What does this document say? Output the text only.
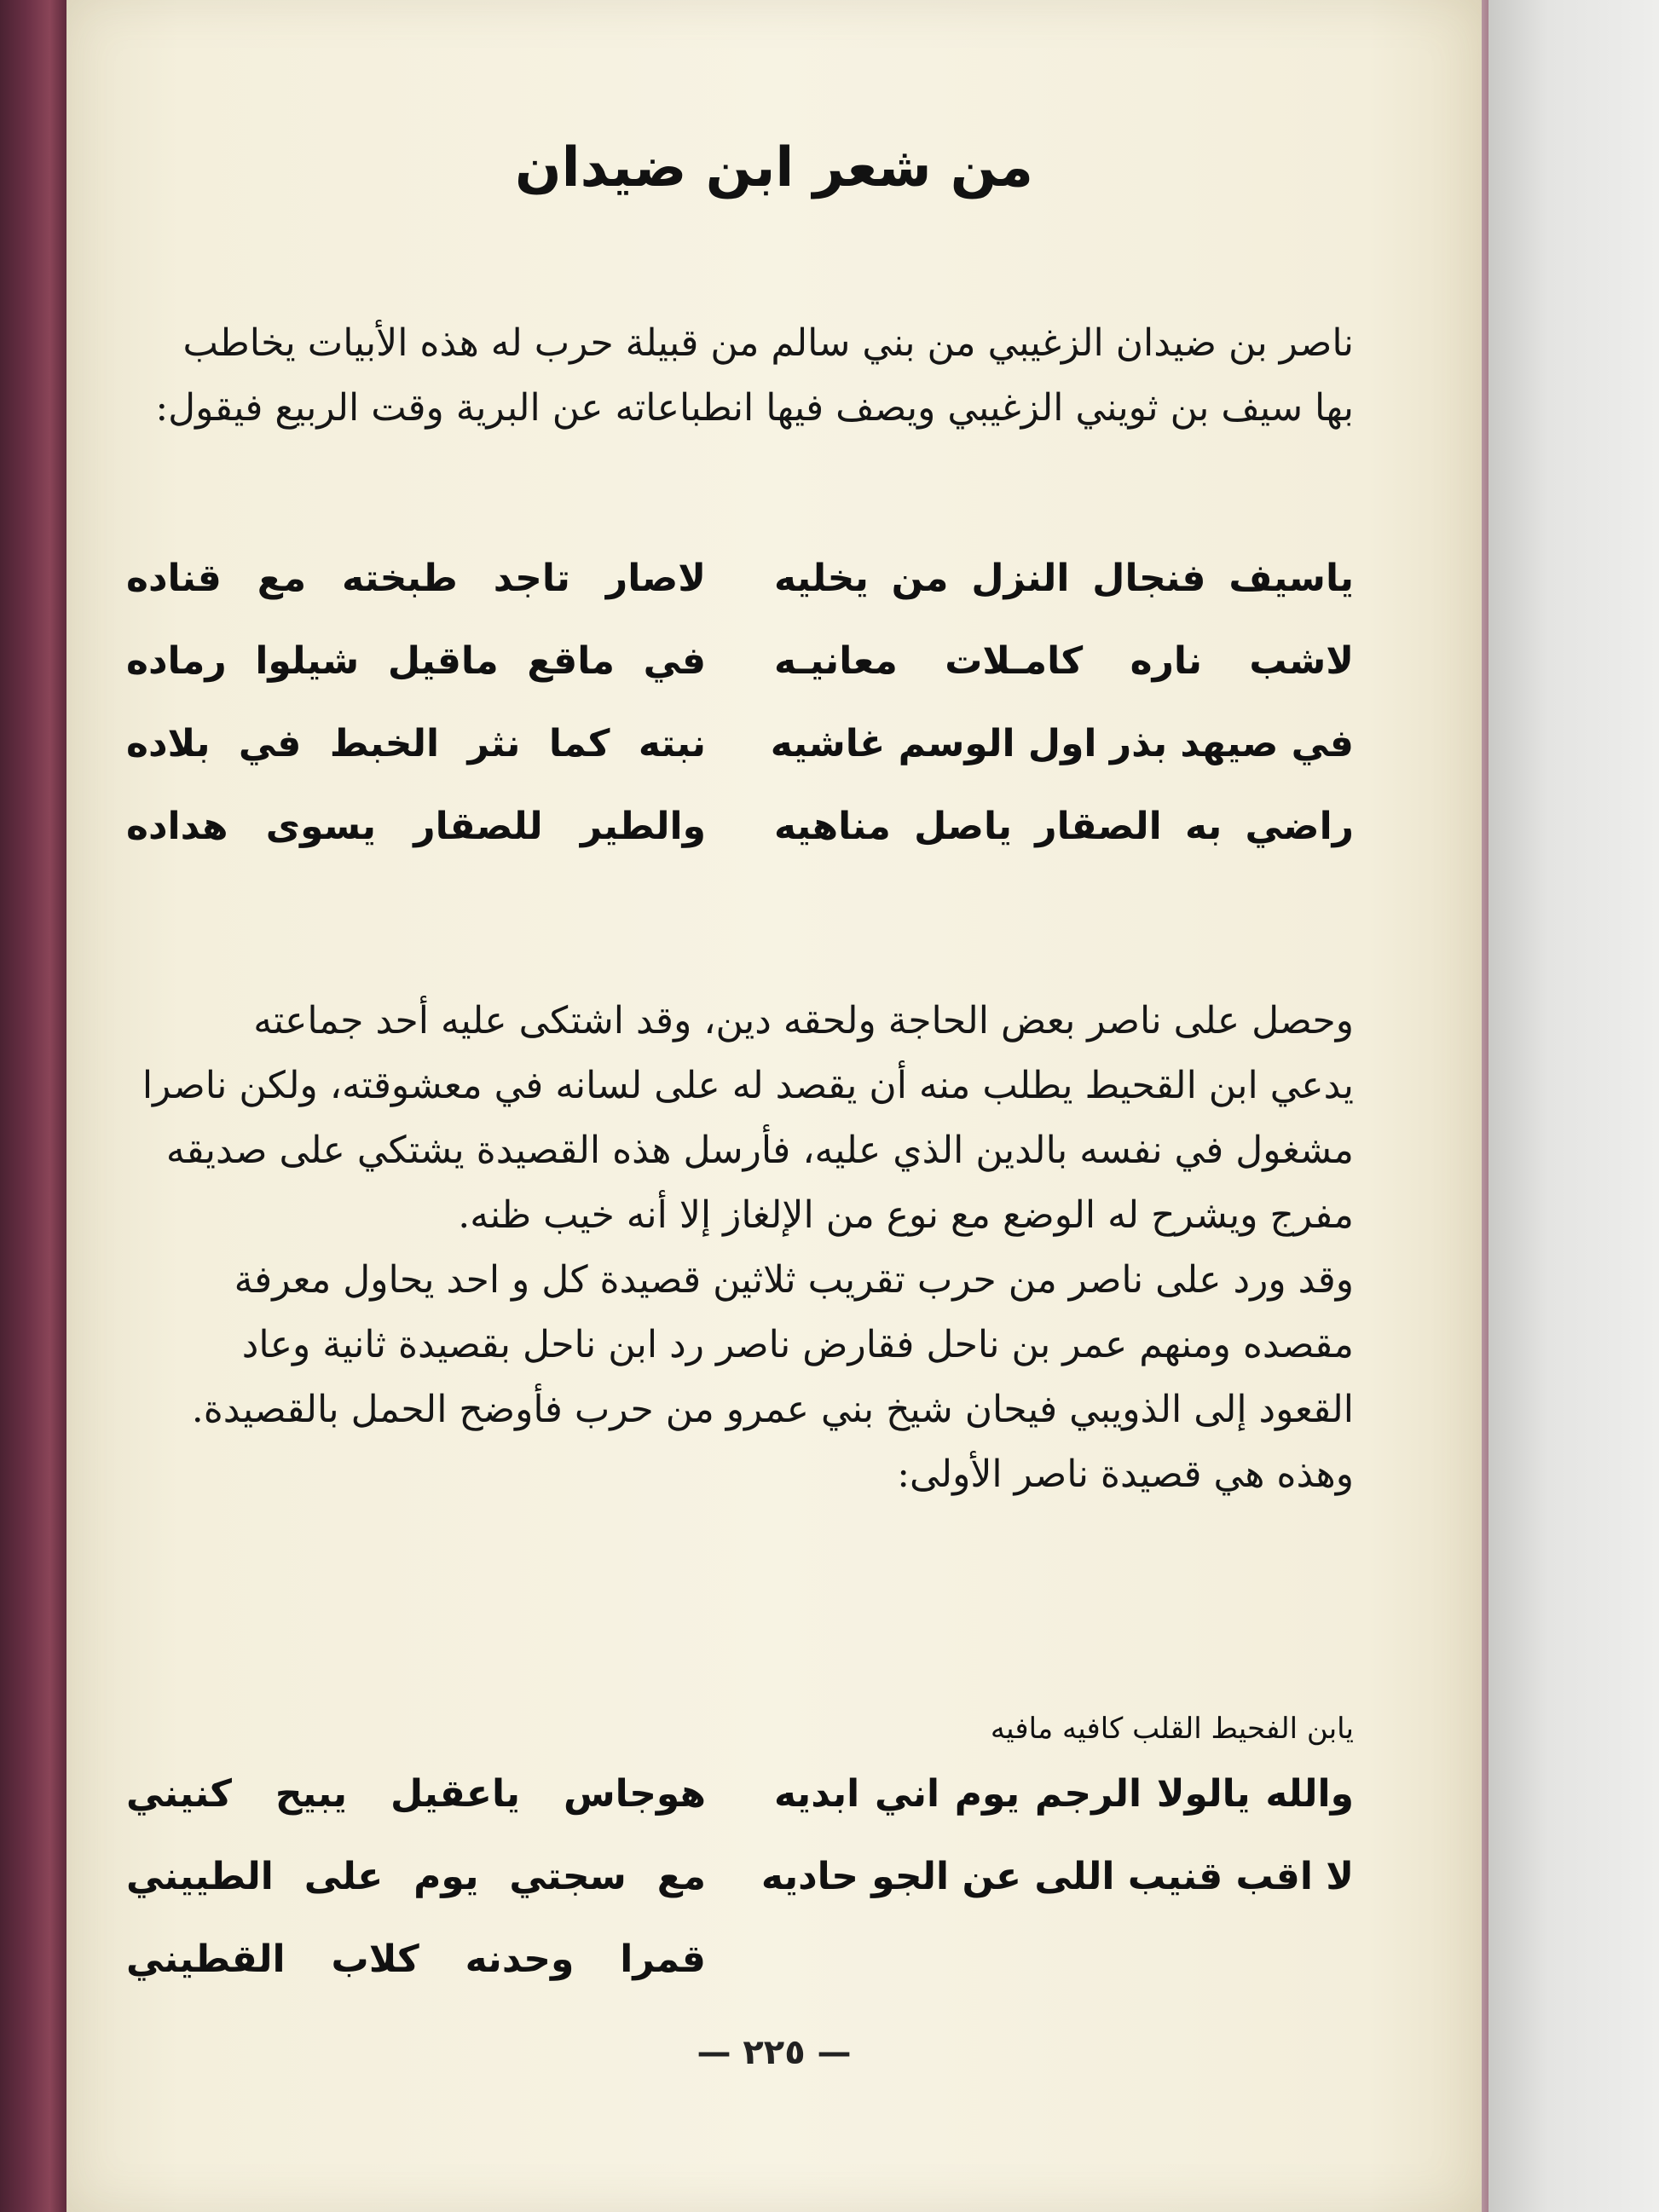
من شعر ابن ضيدان
ناصر بن ضيدان الزغيبي من بني سالم من قبيلة حرب له هذه الأبيات يخاطب
بها سيف بن ثويني الزغيبي ويصف فيها انطباعاته عن البرية وقت الربيع فيقول:
ياسيف فنجال النزل من يخليه
لاصار تاجد طبخته مع قناده
لاشب ناره كامـلات معانيـه
في ماقع ماقيل شيلوا رماده
في صيهد بذر اول الوسم غاشيه
نبته كما نثر الخبط في بلاده
راضي به الصقار ياصل مناهيه
والطير للصقار يسوى هداده
وحصل على ناصر بعض الحاجة ولحقه دين، وقد اشتكى عليه أحد جماعته
يدعي ابن القحيط يطلب منه أن يقصد له على لسانه في معشوقته، ولكن ناصرا
مشغول في نفسه بالدين الذي عليه، فأرسل هذه القصيدة يشتكي على صديقه
مفرج ويشرح له الوضع مع نوع من الإلغاز إلا أنه خيب ظنه.
وقد ورد على ناصر من حرب تقريب ثلاثين قصيدة كل و احد يحاول معرفة
مقصده ومنهم عمر بن ناحل فقارض ناصر رد ابن ناحل بقصيدة ثانية وعاد
القعود إلى الذويبي فيحان شيخ بني عمرو من حرب فأوضح الحمل بالقصيدة.
وهذه هي قصيدة ناصر الأولى:
يابن الفحيط القلب كافيه مافيه
والله يالولا الرجم يوم اني ابديه
هوجاس ياعقيل يبيح كنيني
لا اقب قنيب اللى عن الجو حاديه
مع سجتي يوم على الطييني
قمرا وحدنه كلاب القطيني
— ٢٢٥ —
